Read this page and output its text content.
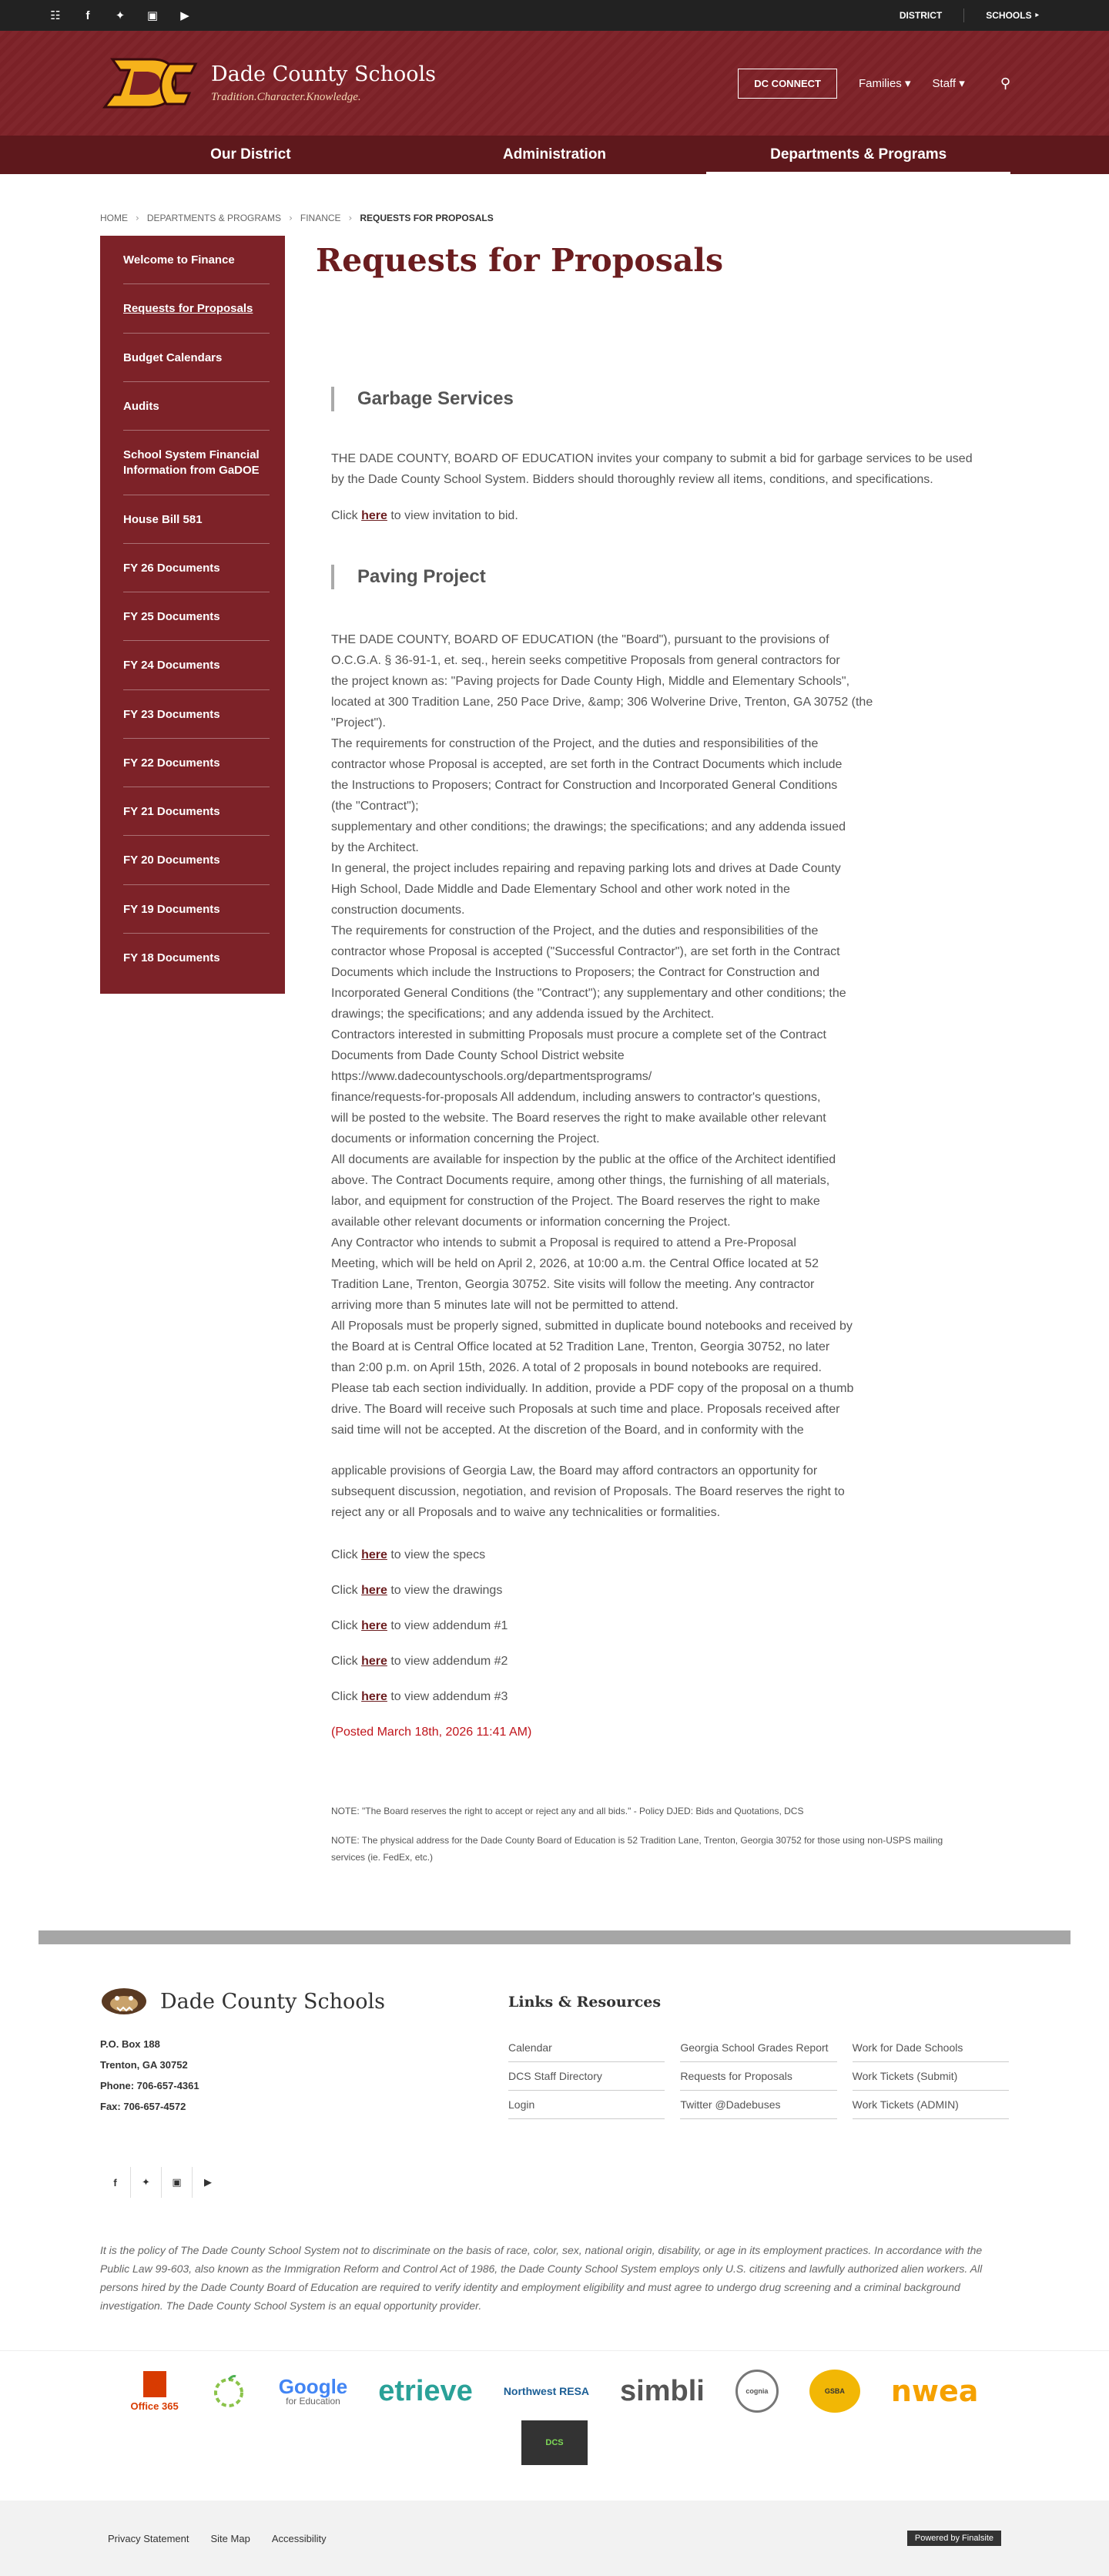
☷	f	✦ ▣ ▶	DISTRICT	SCHOOLS ‣
Dade County Schools
Tradition.Character.Knowledge.
DC CONNECT	Families ▾ Staff ▾	⚲
Our District	Administration	Departments & Programs
HOME › DEPARTMENTS & PROGRAMS › FINANCE › REQUESTS FOR PROPOSALS
Welcome to Finance
Requests for Proposals
Budget Calendars
Audits
School System Financial Information from GaDOE
House Bill 581
FY 26 Documents
FY 25 Documents
FY 24 Documents
FY 23 Documents
FY 22 Documents
FY 21 Documents
FY 20 Documents
FY 19 Documents
FY 18 Documents
Requests for Proposals
Garbage Services

THE DADE COUNTY, BOARD OF EDUCATION invites your company to submit a bid for garbage services to be used by the Dade County School System. Bidders should thoroughly review all items, conditions, and specifications.

Click here to view invitation to bid.

Paving Project
THE DADE COUNTY, BOARD OF EDUCATION (the "Board"), pursuant to the provisions of
O.C.G.A. § 36-91-1, et. seq., herein seeks competitive Proposals from general contractors for
the project known as: "Paving projects for Dade County High, Middle and Elementary Schools",
located at 300 Tradition Lane, 250 Pace Drive, &amp; 306 Wolverine Drive, Trenton, GA 30752 (the
"Project").
The requirements for construction of the Project, and the duties and responsibilities of the
contractor whose Proposal is accepted, are set forth in the Contract Documents which include
the Instructions to Proposers; Contract for Construction and Incorporated General Conditions
(the "Contract");
supplementary and other conditions; the drawings; the specifications; and any addenda issued
by the Architect.
In general, the project includes repairing and repaving parking lots and drives at Dade County
High School, Dade Middle and Dade Elementary School and other work noted in the
construction documents.
The requirements for construction of the Project, and the duties and responsibilities of the
contractor whose Proposal is accepted ("Successful Contractor"), are set forth in the Contract
Documents which include the Instructions to Proposers; the Contract for Construction and
Incorporated General Conditions (the "Contract"); any supplementary and other conditions; the
drawings; the specifications; and any addenda issued by the Architect.
Contractors interested in submitting Proposals must procure a complete set of the Contract
Documents from Dade County School District website
https://www.dadecountyschools.org/departmentsprograms/
finance/requests-for-proposals All addendum, including answers to contractor's questions,
will be posted to the website. The Board reserves the right to make available other relevant
documents or information concerning the Project.
All documents are available for inspection by the public at the office of the Architect identified
above. The Contract Documents require, among other things, the furnishing of all materials,
labor, and equipment for construction of the Project. The Board reserves the right to make
available other relevant documents or information concerning the Project.
Any Contractor who intends to submit a Proposal is required to attend a Pre-Proposal
Meeting, which will be held on April 2, 2026, at 10:00 a.m. the Central Office located at 52
Tradition Lane, Trenton, Georgia 30752. Site visits will follow the meeting. Any contractor
arriving more than 5 minutes late will not be permitted to attend.
All Proposals must be properly signed, submitted in duplicate bound notebooks and received by
the Board at is Central Office located at 52 Tradition Lane, Trenton, Georgia 30752, no later
than 2:00 p.m. on April 15th, 2026. A total of 2 proposals in bound notebooks are required.
Please tab each section individually. In addition, provide a PDF copy of the proposal on a thumb
drive. The Board will receive such Proposals at such time and place. Proposals received after
said time will not be accepted. At the discretion of the Board, and in conformity with the
applicable provisions of Georgia Law, the Board may afford contractors an opportunity for
subsequent discussion, negotiation, and revision of Proposals. The Board reserves the right to
reject any or all Proposals and to waive any technicalities or formalities.

Click here to view the specs

Click here to view the drawings

Click here to view addendum #1

Click here to view addendum #2

Click here to view addendum #3

(Posted March 18th, 2026 11:41 AM)

NOTE: "The Board reserves the right to accept or reject any and all bids." - Policy DJED: Bids and Quotations, DCS

NOTE: The physical address for the Dade County Board of Education is 52 Tradition Lane, Trenton, Georgia 30752 for those using non-USPS mailing services (ie. FedEx, etc.)

Dade County Schools
P.O. Box 188
Trenton, GA 30752
Phone: 706-657-4361
Fax: 706-657-4572
Links & Resources
Calendar	Georgia School Grades Report	Work for Dade Schools
DCS Staff Directory	Requests for Proposals	Work Tickets (Submit)
Login	Twitter @Dadebuses	Work Tickets (ADMIN)
f	✦	▣	▶

It is the policy of The Dade County School System not to discriminate on the basis of race, color, sex, national origin, disability, or age in its employment practices. In accordance with the Public Law 99-603, also known as the Immigration Reform and Control Act of 1986, the Dade County School System employs only U.S. citizens and lawfully authorized alien workers. All persons hired by the Dade County Board of Education are required to verify identity and employment eligibility and must agree to undergo drug screening and a criminal background investigation. The Dade County School System is an equal opportunity provider.

Office 365
Google
for Education etrieve	Northwest RESA simbli	cognia	GSBA	nwea
DCS
Privacy Statement Site Map Accessibility	Powered by Finalsite
